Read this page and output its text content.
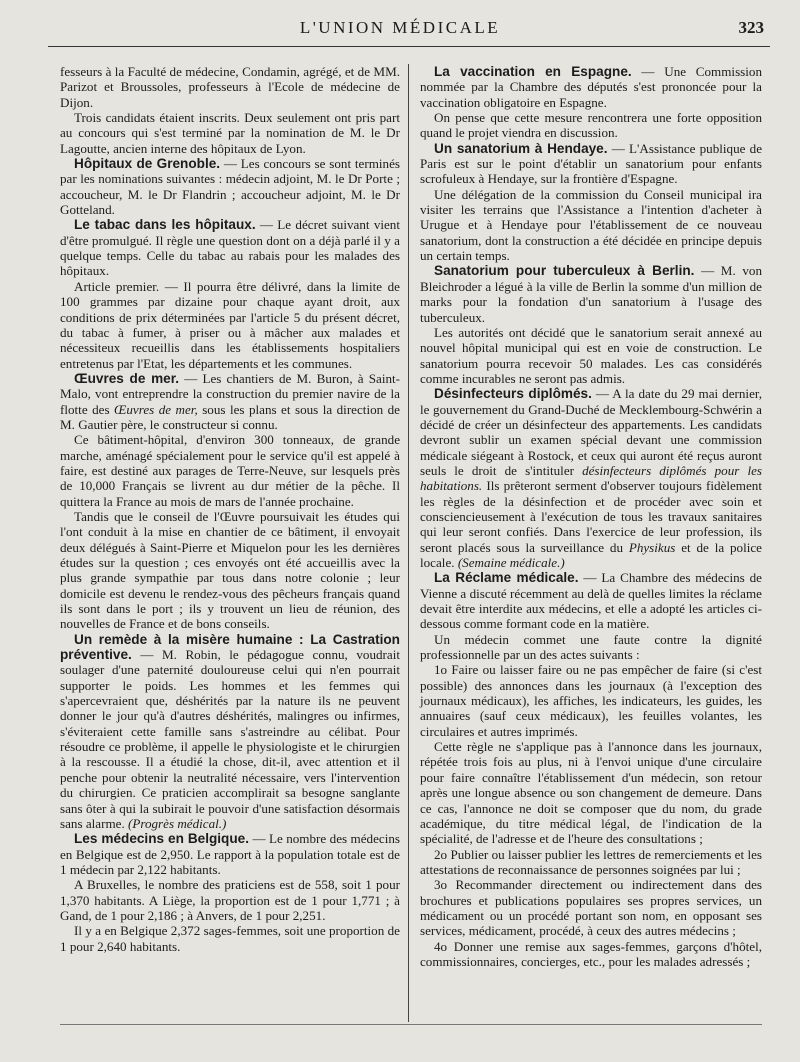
L'UNION MÉDICALE	323

fesseurs à la Faculté de médecine, Condamin, agrégé, et de MM. Parizot et Broussoles, professeurs à l'Ecole de médecine de Dijon.

Trois candidats étaient inscrits. Deux seulement ont pris part au concours qui s'est terminé par la nomination de M. le Dr Lagoutte, ancien interne des hôpitaux de Lyon.

Hôpitaux de Grenoble. — Les concours se sont terminés par les nominations suivantes : médecin adjoint, M. le Dr Porte ; accoucheur, M. le Dr Flandrin ; accoucheur adjoint, M. le Dr Gotteland.

Le tabac dans les hôpitaux. — Le décret suivant vient d'être promulgué. Il règle une question dont on a déjà parlé il y a quelque temps. Celle du tabac au rabais pour les malades des hôpitaux.

Article premier. — Il pourra être délivré, dans la limite de 100 grammes par dizaine pour chaque ayant droit, aux conditions de prix déterminées par l'article 5 du présent décret, du tabac à fumer, à priser ou à mâcher aux malades et nécessiteux recueillis dans les établissements hospitaliers entretenus par l'Etat, les départements et les communes.

Œuvres de mer. — Les chantiers de M. Buron, à Saint-Malo, vont entreprendre la construction du premier navire de la flotte des Œuvres de mer, sous les plans et sous la direction de M. Gautier père, le constructeur si connu.

Ce bâtiment-hôpital, d'environ 300 tonneaux, de grande marche, aménagé spécialement pour le service qu'il est appelé à faire, est destiné aux parages de Terre-Neuve, sur lesquels près de 10,000 Français se livrent au dur métier de la pêche. Il quittera la France au mois de mars de l'année prochaine.

Tandis que le conseil de l'Œuvre poursuivait les études qui l'ont conduit à la mise en chantier de ce bâtiment, il envoyait deux délégués à Saint-Pierre et Miquelon pour les les dernières études sur la question ; ces envoyés ont été accueillis avec la plus grande sympathie par tous dans notre colonie ; leur domicile est devenu le rendez-vous des pêcheurs français quand ils sont dans le port ; ils y trouvent un lieu de réunion, des nouvelles de France et de bons conseils.

Un remède à la misère humaine : La Castration préventive. — M. Robin, le pédagogue connu, voudrait soulager d'une paternité douloureuse celui qui n'en pourrait supporter le poids. Les hommes et les femmes qui s'apercevraient que, déshérités par la nature ils ne peuvent donner le jour qu'à d'autres déshérités, malingres ou infirmes, s'éviteraient cette famille sans s'astreindre au célibat. Pour résoudre ce problème, il appelle le physiologiste et le chirurgien à la rescousse. Il a étudié la chose, dit-il, avec attention et il penche pour obtenir la neutralité nécessaire, vers l'intervention du chirurgien. Ce praticien accomplirait sa besogne sanglante sans ôter à qui la subirait le pouvoir d'une satisfaction désormais sans alarme. (Progrès médical.)

Les médecins en Belgique. — Le nombre des médecins en Belgique est de 2,950. Le rapport à la population totale est de 1 médecin par 2,122 habitants.

A Bruxelles, le nombre des praticiens est de 558, soit 1 pour 1,370 habitants. A Liège, la proportion est de 1 pour 1,771 ; à Gand, de 1 pour 2,186 ; à Anvers, de 1 pour 2,251.

Il y a en Belgique 2,372 sages-femmes, soit une proportion de 1 pour 2,640 habitants.

La vaccination en Espagne. — Une Commission nommée par la Chambre des députés s'est prononcée pour la vaccination obligatoire en Espagne.

On pense que cette mesure rencontrera une forte opposition quand le projet viendra en discussion.

Un sanatorium à Hendaye. — L'Assistance publique de Paris est sur le point d'établir un sanatorium pour enfants scrofuleux à Hendaye, sur la frontière d'Espagne.

Une délégation de la commission du Conseil municipal ira visiter les terrains que l'Assistance a l'intention d'acheter à Urugue et à Hendaye pour l'établissement de ce nouveau sanatorium, dont la construction a été décidée en principe depuis un certain temps.

Sanatorium pour tuberculeux à Berlin. — M. von Bleichroder a légué à la ville de Berlin la somme d'un million de marks pour la fondation d'un sanatorium à l'usage des tuberculeux.

Les autorités ont décidé que le sanatorium serait annexé au nouvel hôpital municipal qui est en voie de construction. Le sanatorium pourra recevoir 50 malades. Les cas considérés comme incurables ne seront pas admis.

Désinfecteurs diplômés. — A la date du 29 mai dernier, le gouvernement du Grand-Duché de Mecklembourg-Schwérin a décidé de créer un désinfecteur des appartements. Les candidats devront sublir un examen spécial devant une commission médicale siégeant à Rostock, et ceux qui auront été reçus auront seuls le droit de s'intituler désinfecteurs diplômés pour les habitations. Ils prêteront serment d'observer toujours fidèlement les règles de la désinfection et de procéder avec soin et consciencieusement à l'exécution de tous les travaux sanitaires qui leur seront confiés. Dans l'exercice de leur profession, ils seront placés sous la surveillance du Physikus et de la police locale. (Semaine médicale.)

La Réclame médicale. — La Chambre des médecins de Vienne a discuté récemment au delà de quelles limites la réclame devait être interdite aux médecins, et elle a adopté les articles ci-dessous comme formant code en la matière.

Un médecin commet une faute contre la dignité professionnelle par un des actes suivants :

1o Faire ou laisser faire ou ne pas empêcher de faire (si c'est possible) des annonces dans les journaux (à l'exception des journaux médicaux), les affiches, les indicateurs, les guides, les annuaires (sauf ceux médicaux), les feuilles volantes, les circulaires et autres imprimés.

Cette règle ne s'applique pas à l'annonce dans les journaux, répétée trois fois au plus, ni à l'envoi unique d'une circulaire pour faire connaître l'établissement d'un médecin, son retour après une longue absence ou son changement de demeure. Dans ce cas, l'annonce ne doit se composer que du nom, du grade académique, du titre médical légal, de l'indication de la spécialité, de l'adresse et de l'heure des consultations ;

2o Publier ou laisser publier les lettres de remerciements et les attestations de reconnaissance de personnes soignées par lui ;

3o Recommander directement ou indirectement dans des brochures et publications populaires ses propres services, un médicament ou un procédé portant son nom, en opposant ses services, médicament, procédé, à ceux des autres médecins ;

4o Donner une remise aux sages-femmes, garçons d'hôtel, commissionnaires, concierges, etc., pour les malades adressés ;
